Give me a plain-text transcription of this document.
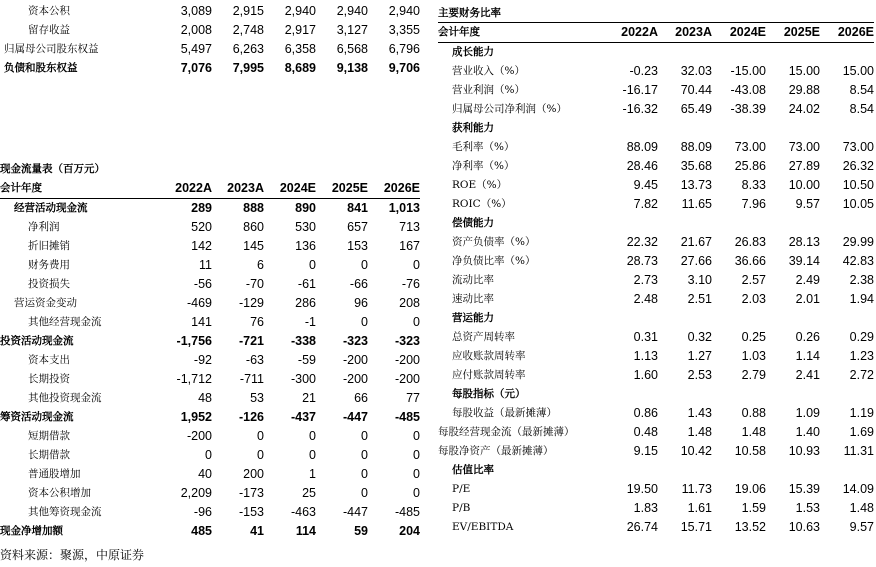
资本公积	3,089	2,915	2,940	2,940	2,940
留存收益	2,008	2,748	2,917	3,127	3,355
归属母公司股东权益	5,497	6,263	6,358	6,568	6,796
负债和股东权益	7,076	7,995	8,689	9,138	9,706
现金流量表（百万元）
会计年度	2022A	2023A	2024E	2025E	2026E
经营活动现金流	289	888	890	841	1,013
净利润	520	860	530	657	713
折旧摊销	142	145	136	153	167
财务费用	11	6	0	0	0
投资损失	-56	-70	-61	-66	-76
营运资金变动	-469	-129	286	96	208
其他经营现金流	141	76	-1	0	0
投资活动现金流	-1,756	-721	-338	-323	-323
资本支出	-92	-63	-59	-200	-200
长期投资	-1,712	-711	-300	-200	-200
其他投资现金流	48	53	21	66	77
筹资活动现金流	1,952	-126	-437	-447	-485
短期借款	-200	0	0	0	0
长期借款	0	0	0	0	0
普通股增加	40	200	1	0	0
资本公积增加	2,209	-173	25	0	0
其他筹资现金流	-96	-153	-463	-447	-485
现金净增加额	485	41	114	59	204
主要财务比率
会计年度	2022A	2023A	2024E	2025E	2026E
成长能力					
营业收入（%）	-0.23	32.03	-15.00	15.00	15.00
营业利润（%）	-16.17	70.44	-43.08	29.88	8.54
归属母公司净利润（%）	-16.32	65.49	-38.39	24.02	8.54
获利能力					
毛利率（%）	88.09	88.09	73.00	73.00	73.00
净利率（%）	28.46	35.68	25.86	27.89	26.32
ROE（%）	9.45	13.73	8.33	10.00	10.50
ROIC（%）	7.82	11.65	7.96	9.57	10.05
偿债能力					
资产负债率（%）	22.32	21.67	26.83	28.13	29.99
净负债比率（%）	28.73	27.66	36.66	39.14	42.83
流动比率	2.73	3.10	2.57	2.49	2.38
速动比率	2.48	2.51	2.03	2.01	1.94
营运能力					
总资产周转率	0.31	0.32	0.25	0.26	0.29
应收账款周转率	1.13	1.27	1.03	1.14	1.23
应付账款周转率	1.60	2.53	2.79	2.41	2.72
每股指标（元）					
每股收益（最新摊薄）	0.86	1.43	0.88	1.09	1.19
每股经营现金流（最新摊薄）	0.48	1.48	1.48	1.40	1.69
每股净资产（最新摊薄）	9.15	10.42	10.58	10.93	11.31
估值比率					
P/E	19.50	11.73	19.06	15.39	14.09
P/B	1.83	1.61	1.59	1.53	1.48
EV/EBITDA	26.74	15.71	13.52	10.63	9.57
资料来源：聚源，中原证券
